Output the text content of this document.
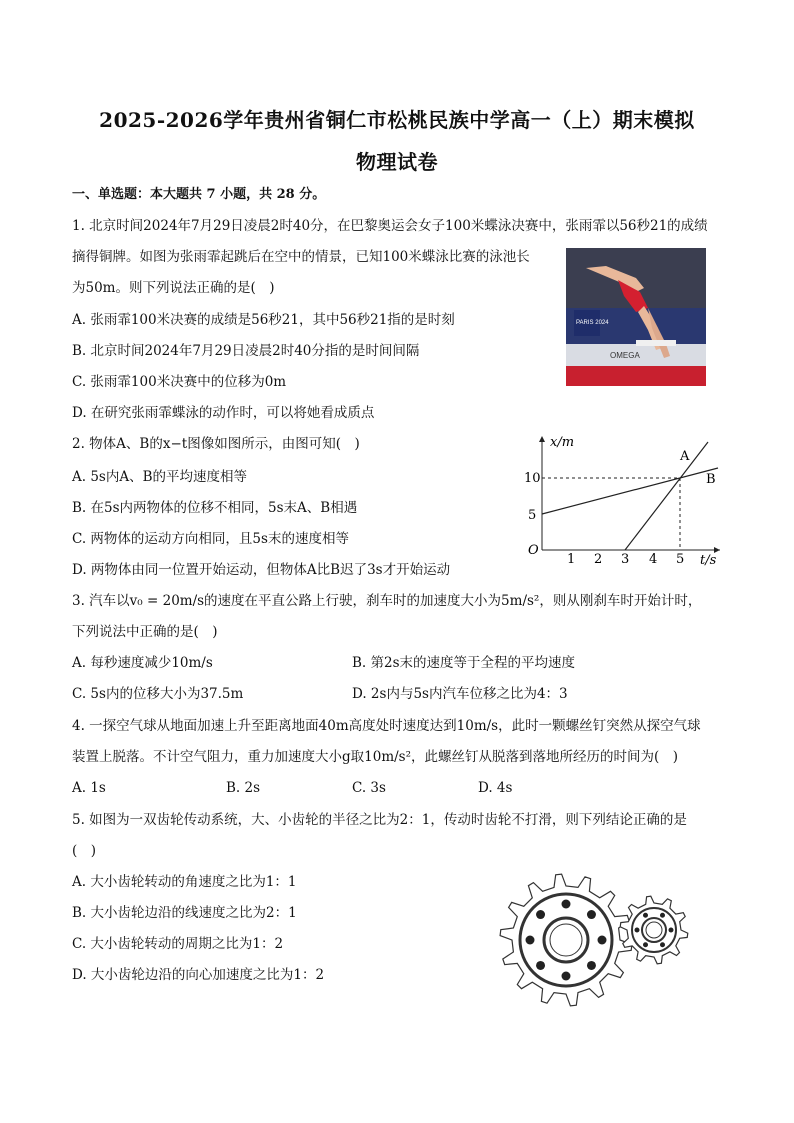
2025-2026学年贵州省铜仁市松桃民族中学高一（上）期末模拟
物理试卷
一、单选题：本大题共 7 小题，共 28 分。
1. 北京时间2024年7月29日凌晨2时40分，在巴黎奥运会女子100米蝶泳决赛中，张雨霏以56秒21的成绩
摘得铜牌。如图为张雨霏起跳后在空中的情景，已知100米蝶泳比赛的泳池长
为50m。则下列说法正确的是(　)
A. 张雨霏100米决赛的成绩是56秒21，其中56秒21指的是时刻
B. 北京时间2024年7月29日凌晨2时40分指的是时间间隔
C. 张雨霏100米决赛中的位移为0m
D. 在研究张雨霏蝶泳的动作时，可以将她看成质点
PARIS 2024
OMEGA
2. 物体A、B的x−t图像如图所示，由图可知(　)
A. 5s内A、B的平均速度相等
B. 在5s内两物体的位移不相同，5s末A、B相遇
C. 两物体的运动方向相同，且5s末的速度相等
D. 两物体由同一位置开始运动，但物体A比B迟了3s才开始运动
x/m
t/s
O
5
10
1 2 3 4 5
A
B
3. 汽车以v₀ = 20m/s的速度在平直公路上行驶，刹车时的加速度大小为5m/s²，则从刚刹车时开始计时，
下列说法中正确的是(　)
A. 每秒速度减少10m/s	B. 第2s末的速度等于全程的平均速度
C. 5s内的位移大小为37.5m	D. 2s内与5s内汽车位移之比为4：3
4. 一探空气球从地面加速上升至距离地面40m高度处时速度达到10m/s，此时一颗螺丝钉突然从探空气球
装置上脱落。不计空气阻力，重力加速度大小g取10m/s²，此螺丝钉从脱落到落地所经历的时间为(　)
A. 1s	B. 2s	C. 3s	D. 4s
5. 如图为一双齿轮传动系统，大、小齿轮的半径之比为2：1，传动时齿轮不打滑，则下列结论正确的是
(　)
A. 大小齿轮转动的角速度之比为1：1
B. 大小齿轮边沿的线速度之比为2：1
C. 大小齿轮转动的周期之比为1：2
D. 大小齿轮边沿的向心加速度之比为1：2
